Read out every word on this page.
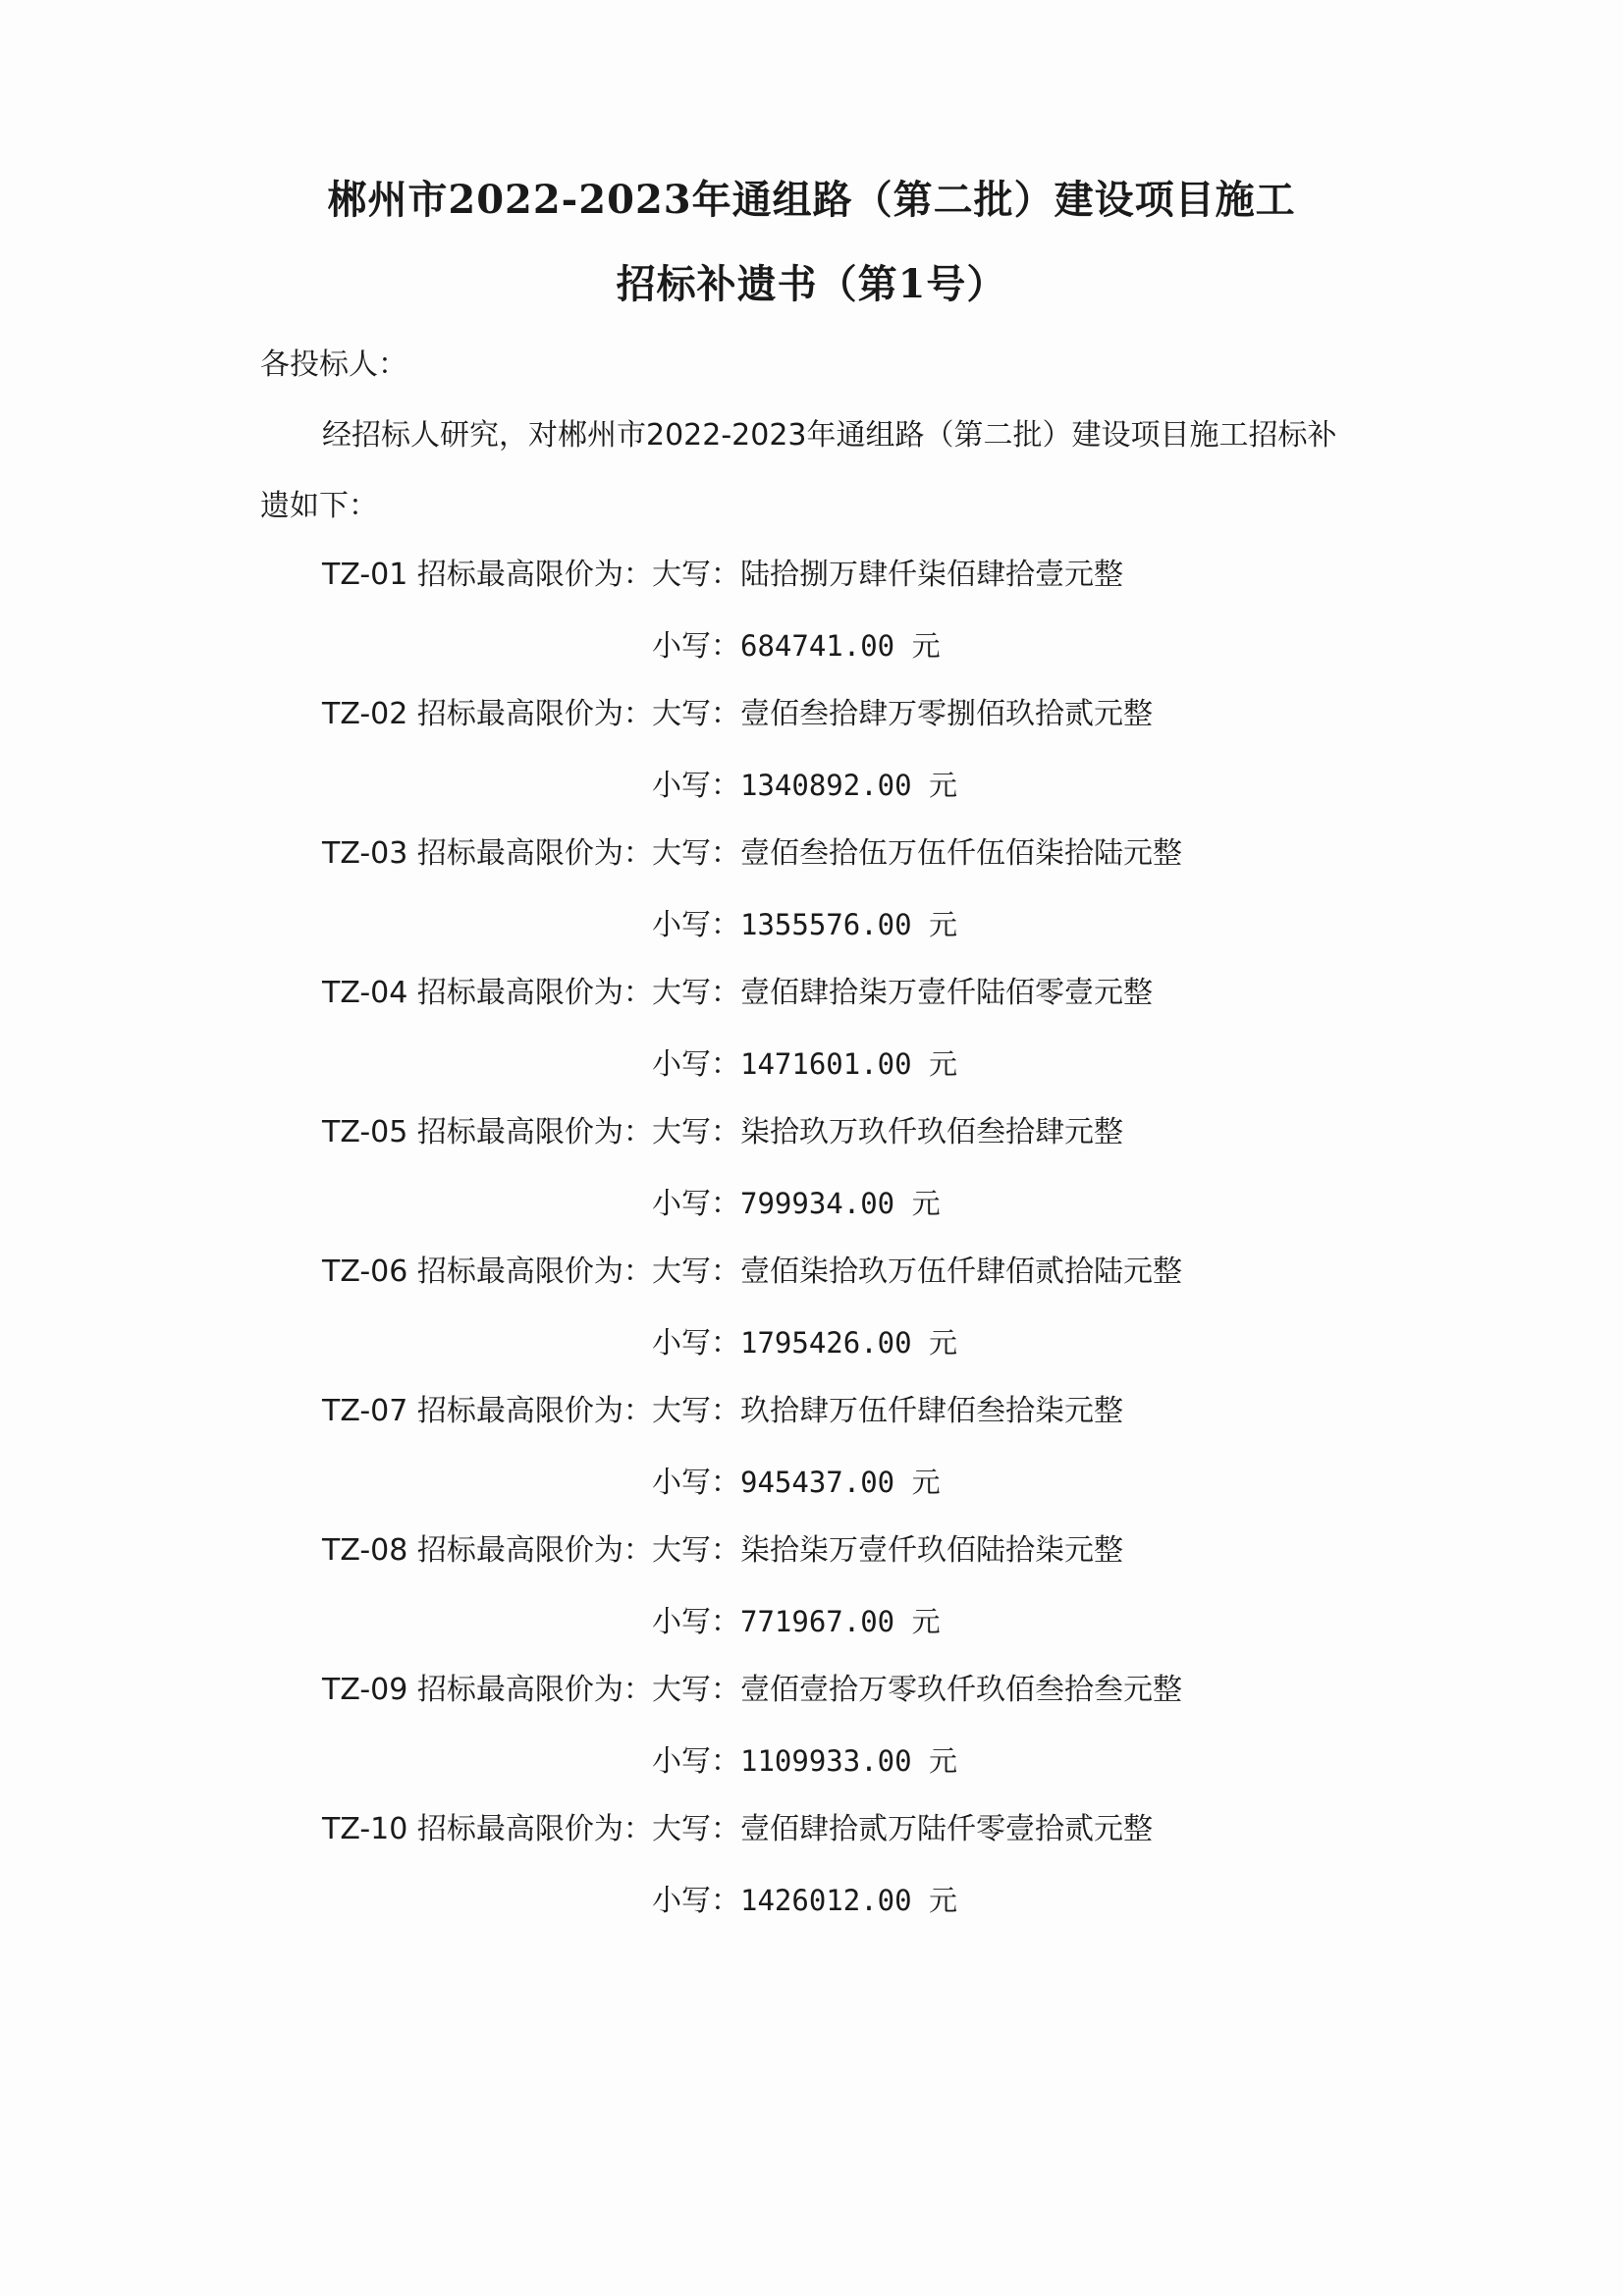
郴州市2022-2023年通组路（第二批）建设项目施工
招标补遗书（第1号）
各投标人：
经招标人研究，对郴州市2022-2023年通组路（第二批）建设项目施工招标补
遗如下：
TZ-01 招标最高限价为： 大写：陆拾捌万肆仟柒佰肆拾壹元整
小写：684741.00 元
TZ-02 招标最高限价为： 大写：壹佰叁拾肆万零捌佰玖拾贰元整
小写：1340892.00 元
TZ-03 招标最高限价为： 大写：壹佰叁拾伍万伍仟伍佰柒拾陆元整
小写：1355576.00 元
TZ-04 招标最高限价为： 大写：壹佰肆拾柒万壹仟陆佰零壹元整
小写：1471601.00 元
TZ-05 招标最高限价为： 大写：柒拾玖万玖仟玖佰叁拾肆元整
小写：799934.00 元
TZ-06 招标最高限价为： 大写：壹佰柒拾玖万伍仟肆佰贰拾陆元整
小写：1795426.00 元
TZ-07 招标最高限价为： 大写：玖拾肆万伍仟肆佰叁拾柒元整
小写：945437.00 元
TZ-08 招标最高限价为： 大写：柒拾柒万壹仟玖佰陆拾柒元整
小写：771967.00 元
TZ-09 招标最高限价为： 大写：壹佰壹拾万零玖仟玖佰叁拾叁元整
小写：1109933.00 元
TZ-10 招标最高限价为： 大写：壹佰肆拾贰万陆仟零壹拾贰元整
小写：1426012.00 元
